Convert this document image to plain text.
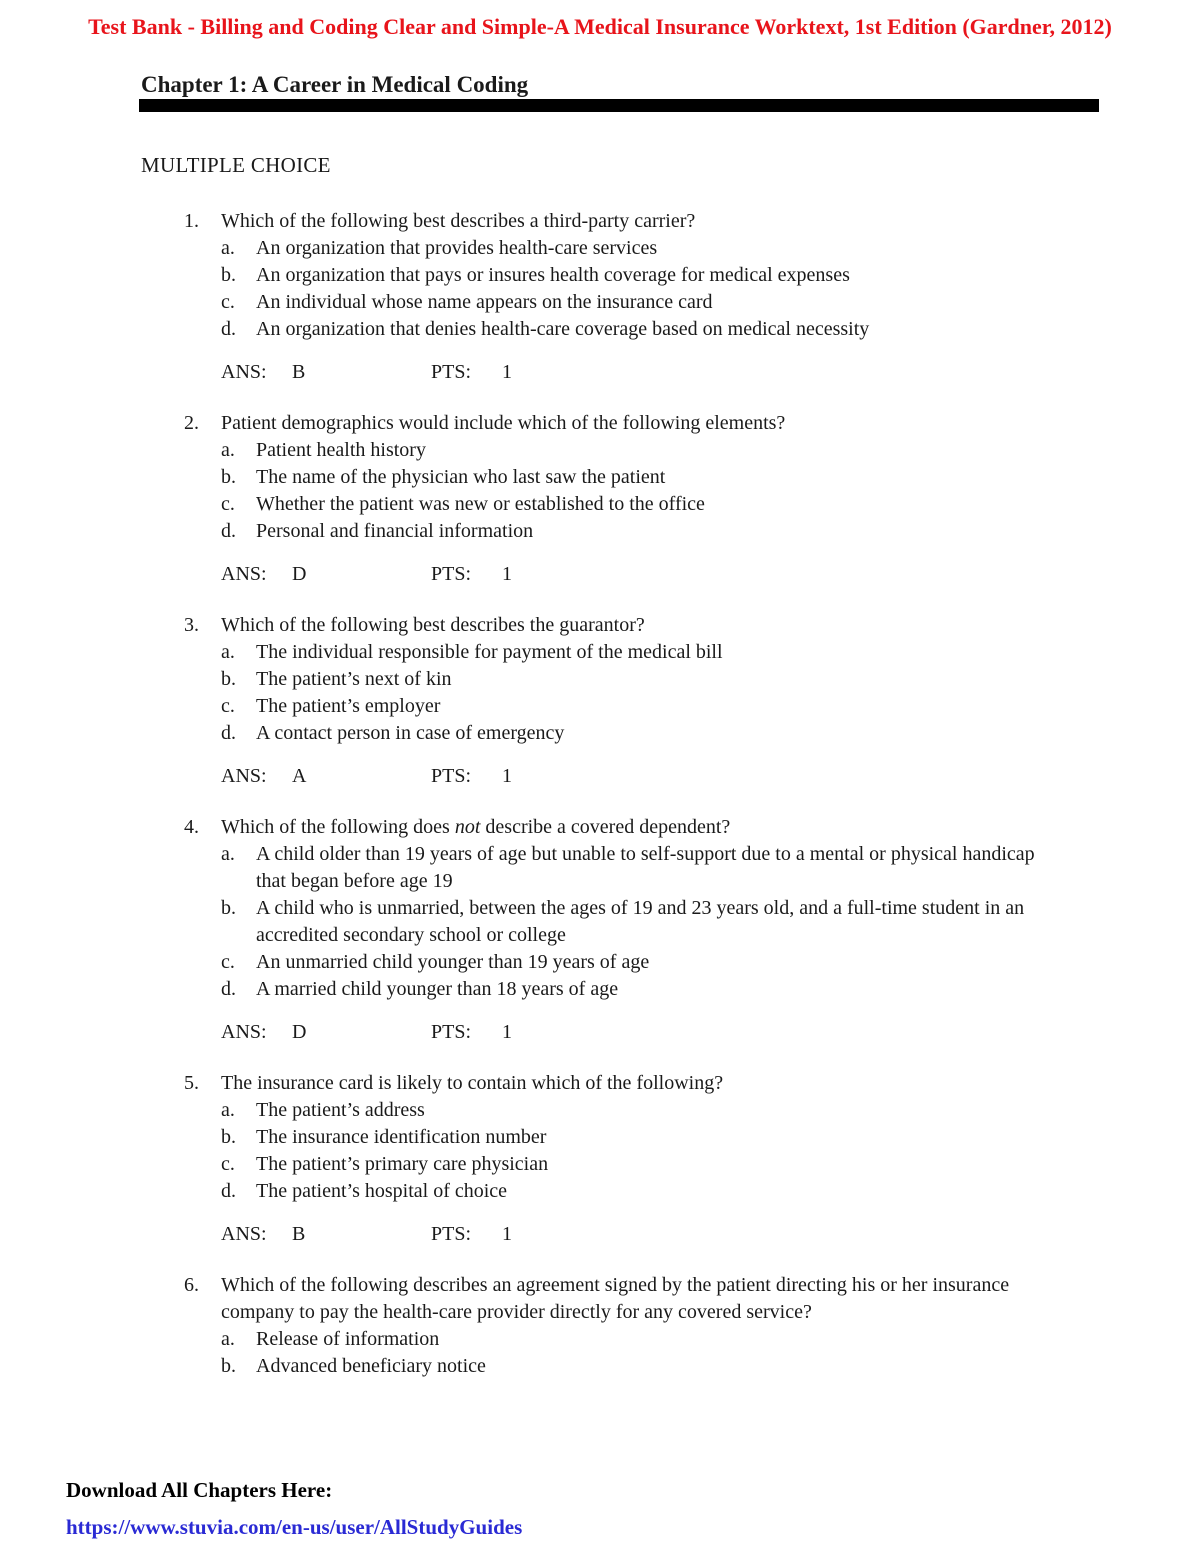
Test Bank - Billing and Coding Clear and Simple-A Medical Insurance Worktext, 1st Edition (Gardner, 2012)
Chapter 1: A Career in Medical Coding
MULTIPLE CHOICE
1.	Which of the following best describes a third-party carrier?
a.	An organization that provides health-care services
b.	An organization that pays or insures health coverage for medical expenses
c.	An individual whose name appears on the insurance card
d.	An organization that denies health-care coverage based on medical necessity
ANS: B	PTS: 1
2.	Patient demographics would include which of the following elements?
a.	Patient health history
b.	The name of the physician who last saw the patient
c.	Whether the patient was new or established to the office
d.	Personal and financial information
ANS: D	PTS: 1
3.	Which of the following best describes the guarantor?
a.	The individual responsible for payment of the medical bill
b.	The patient’s next of kin
c.	The patient’s employer
d.	A contact person in case of emergency
ANS: A	PTS: 1
4.	Which of the following does not describe a covered dependent?
a.	A child older than 19 years of age but unable to self-support due to a mental or physical handicap that began before age 19
b.	A child who is unmarried, between the ages of 19 and 23 years old, and a full-time student in an accredited secondary school or college
c.	An unmarried child younger than 19 years of age
d.	A married child younger than 18 years of age
ANS: D	PTS: 1
5.	The insurance card is likely to contain which of the following?
a.	The patient’s address
b.	The insurance identification number
c.	The patient’s primary care physician
d.	The patient’s hospital of choice
ANS: B	PTS: 1
6.	Which of the following describes an agreement signed by the patient directing his or her insurance company to pay the health-care provider directly for any covered service?
a.	Release of information
b.	Advanced beneficiary notice
Download All Chapters Here:
https://www.stuvia.com/en-us/user/AllStudyGuides
